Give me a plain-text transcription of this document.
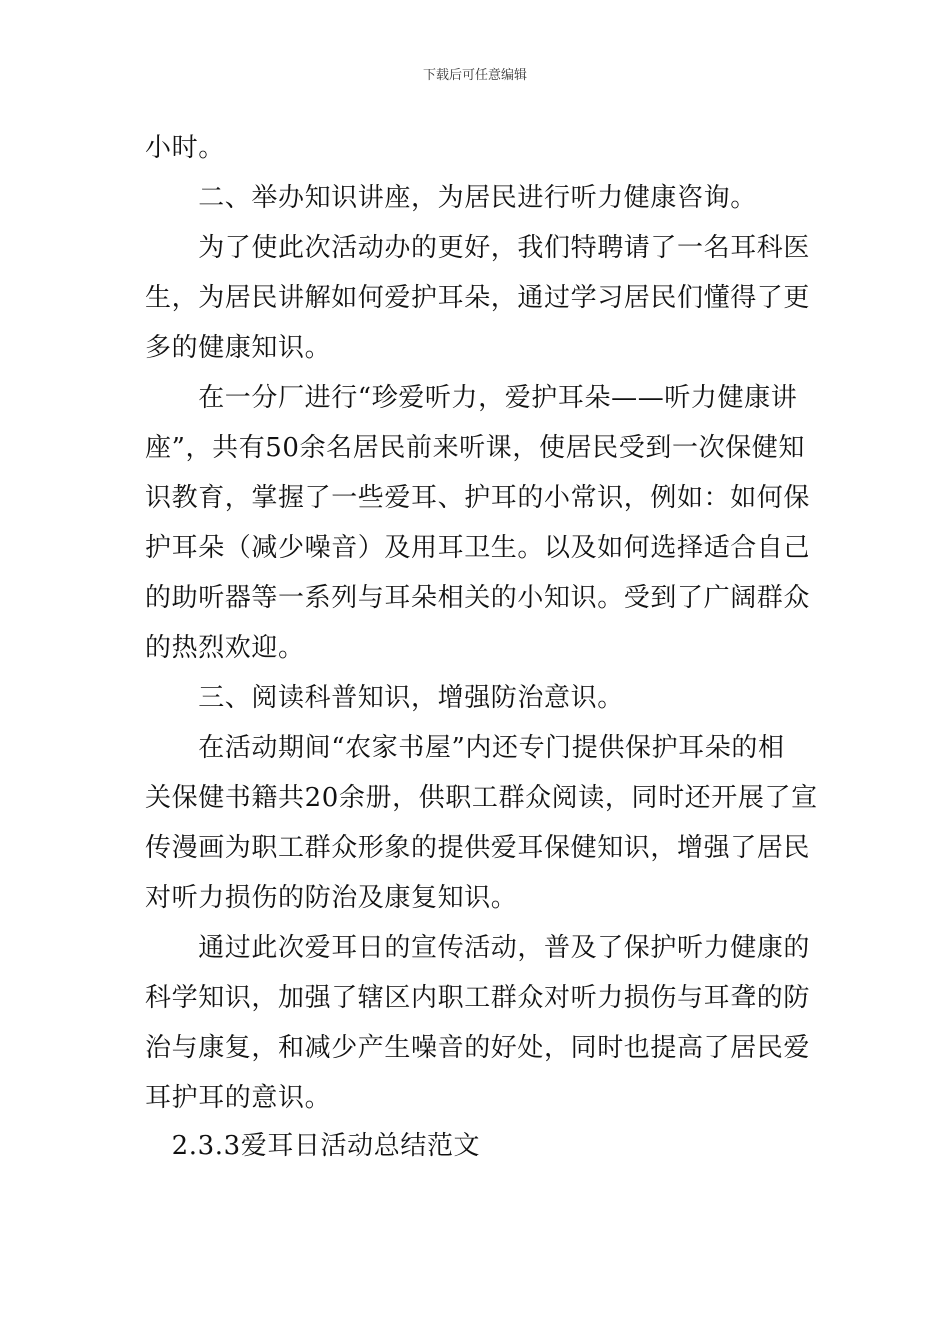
下载后可任意编辑
小时。
　　二、举办知识讲座，为居民进行听力健康咨询。
　　为了使此次活动办的更好，我们特聘请了一名耳科医
生，为居民讲解如何爱护耳朵，通过学习居民们懂得了更
多的健康知识。
　　在一分厂进行“珍爱听力，爱护耳朵——听力健康讲
座”，共有50余名居民前来听课，使居民受到一次保健知
识教育，掌握了一些爱耳、护耳的小常识，例如：如何保
护耳朵（减少噪音）及用耳卫生。以及如何选择适合自己
的助听器等一系列与耳朵相关的小知识。受到了广阔群众
的热烈欢迎。
　　三、阅读科普知识，增强防治意识。
　　在活动期间“农家书屋”内还专门提供保护耳朵的相
关保健书籍共20余册，供职工群众阅读，同时还开展了宣
传漫画为职工群众形象的提供爱耳保健知识，增强了居民
对听力损伤的防治及康复知识。
　　通过此次爱耳日的宣传活动，普及了保护听力健康的
科学知识，加强了辖区内职工群众对听力损伤与耳聋的防
治与康复，和减少产生噪音的好处，同时也提高了居民爱
耳护耳的意识。
　2.3.3爱耳日活动总结范文
